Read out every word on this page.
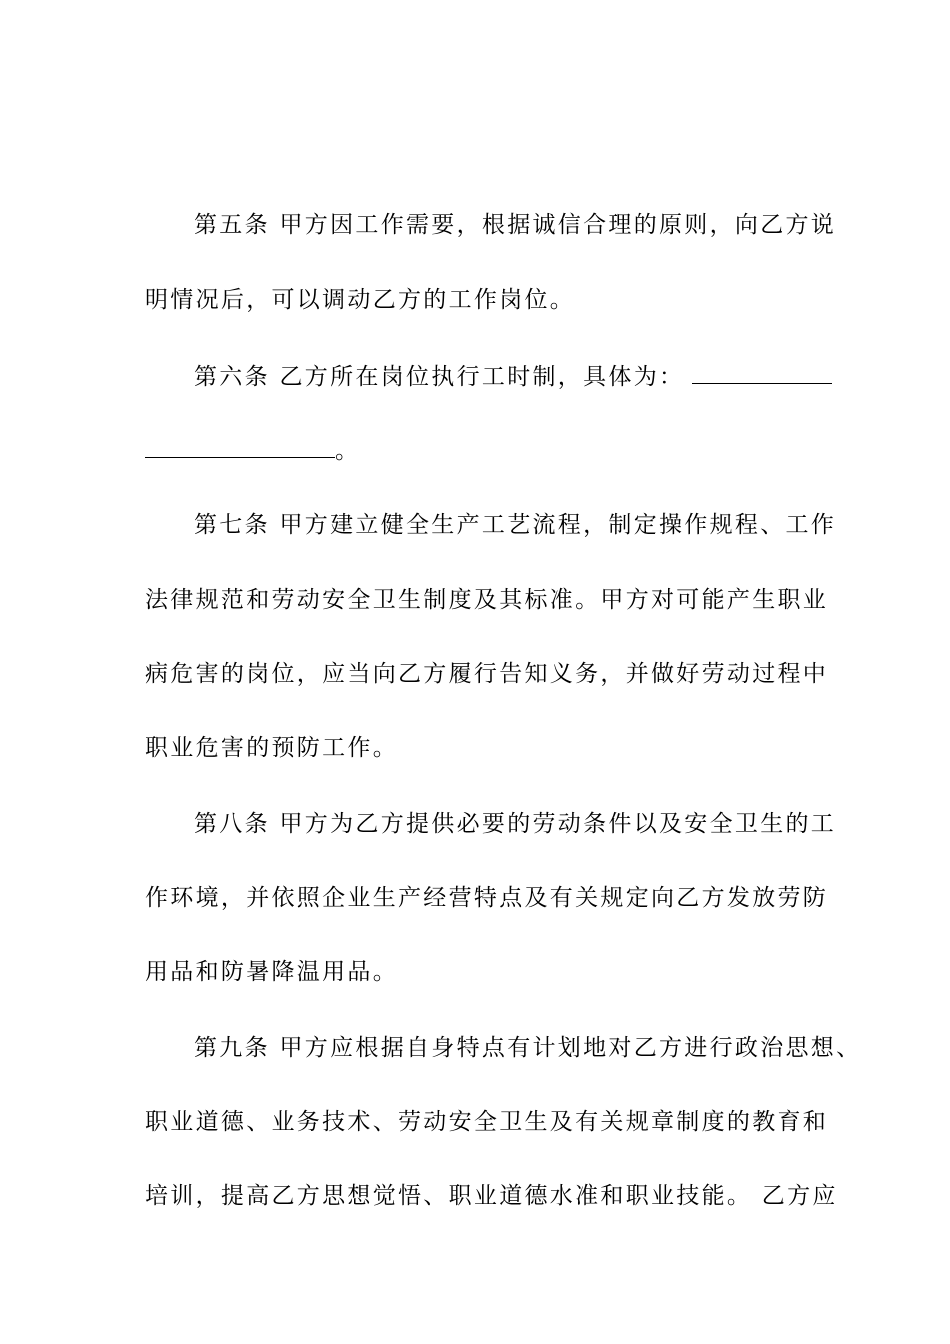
第五条 甲方因工作需要，根据诚信合理的原则，向乙方说
明情况后，可以调动乙方的工作岗位。
第六条 乙方所在岗位执行工时制，具体为：
。
第七条 甲方建立健全生产工艺流程，制定操作规程、工作
法律规范和劳动安全卫生制度及其标准。甲方对可能产生职业
病危害的岗位，应当向乙方履行告知义务，并做好劳动过程中
职业危害的预防工作。
第八条 甲方为乙方提供必要的劳动条件以及安全卫生的工
作环境，并依照企业生产经营特点及有关规定向乙方发放劳防
用品和防暑降温用品。
第九条 甲方应根据自身特点有计划地对乙方进行政治思想、
职业道德、业务技术、劳动安全卫生及有关规章制度的教育和
培训，提高乙方思想觉悟、职业道德水准和职业技能。 乙方应
